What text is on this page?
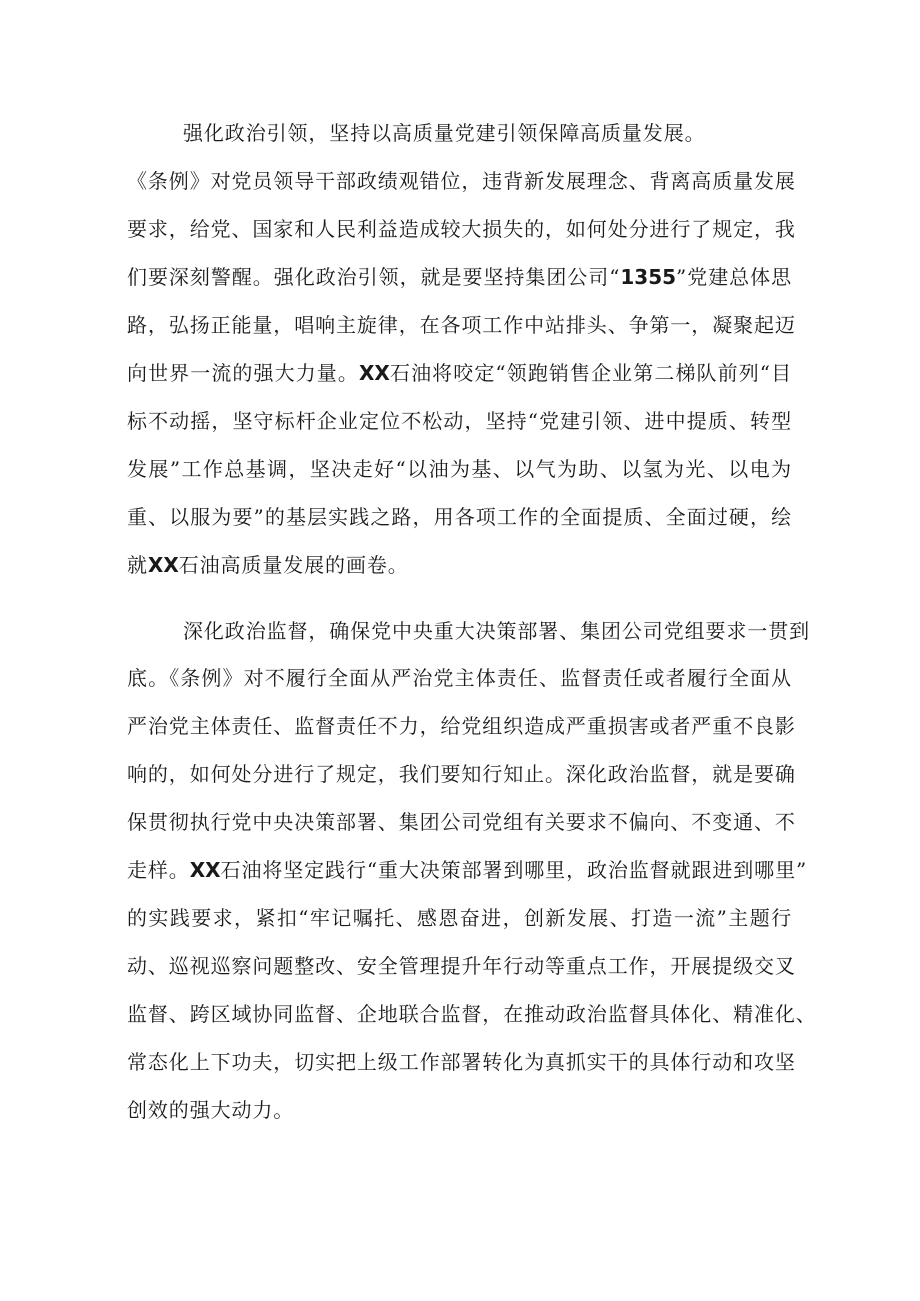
强化政治引领，坚持以高质量党建引领保障高质量发展。
《条例》对党员领导干部政绩观错位，违背新发展理念、背离高质量发展
要求，给党、国家和人民利益造成较大损失的，如何处分进行了规定，我
们要深刻警醒。强化政治引领，就是要坚持集团公司“1355”党建总体思
路，弘扬正能量，唱响主旋律，在各项工作中站排头、争第一，凝聚起迈
向世界一流的强大力量。XX石油将咬定“领跑销售企业第二梯队前列“目
标不动摇，坚守标杆企业定位不松动，坚持“党建引领、进中提质、转型
发展”工作总基调，坚决走好“以油为基、以气为助、以氢为光、以电为
重、以服为要”的基层实践之路，用各项工作的全面提质、全面过硬，绘
就XX石油高质量发展的画卷。
深化政治监督，确保党中央重大决策部署、集团公司党组要求一贯到
底。《条例》对不履行全面从严治党主体责任、监督责任或者履行全面从
严治党主体责任、监督责任不力，给党组织造成严重损害或者严重不良影
响的，如何处分进行了规定，我们要知行知止。深化政治监督，就是要确
保贯彻执行党中央决策部署、集团公司党组有关要求不偏向、不变通、不
走样。XX石油将坚定践行“重大决策部署到哪里，政治监督就跟进到哪里”
的实践要求，紧扣“牢记嘱托、感恩奋进，创新发展、打造一流”主题行
动、巡视巡察问题整改、安全管理提升年行动等重点工作，开展提级交叉
监督、跨区域协同监督、企地联合监督，在推动政治监督具体化、精准化、
常态化上下功夫，切实把上级工作部署转化为真抓实干的具体行动和攻坚
创效的强大动力。
